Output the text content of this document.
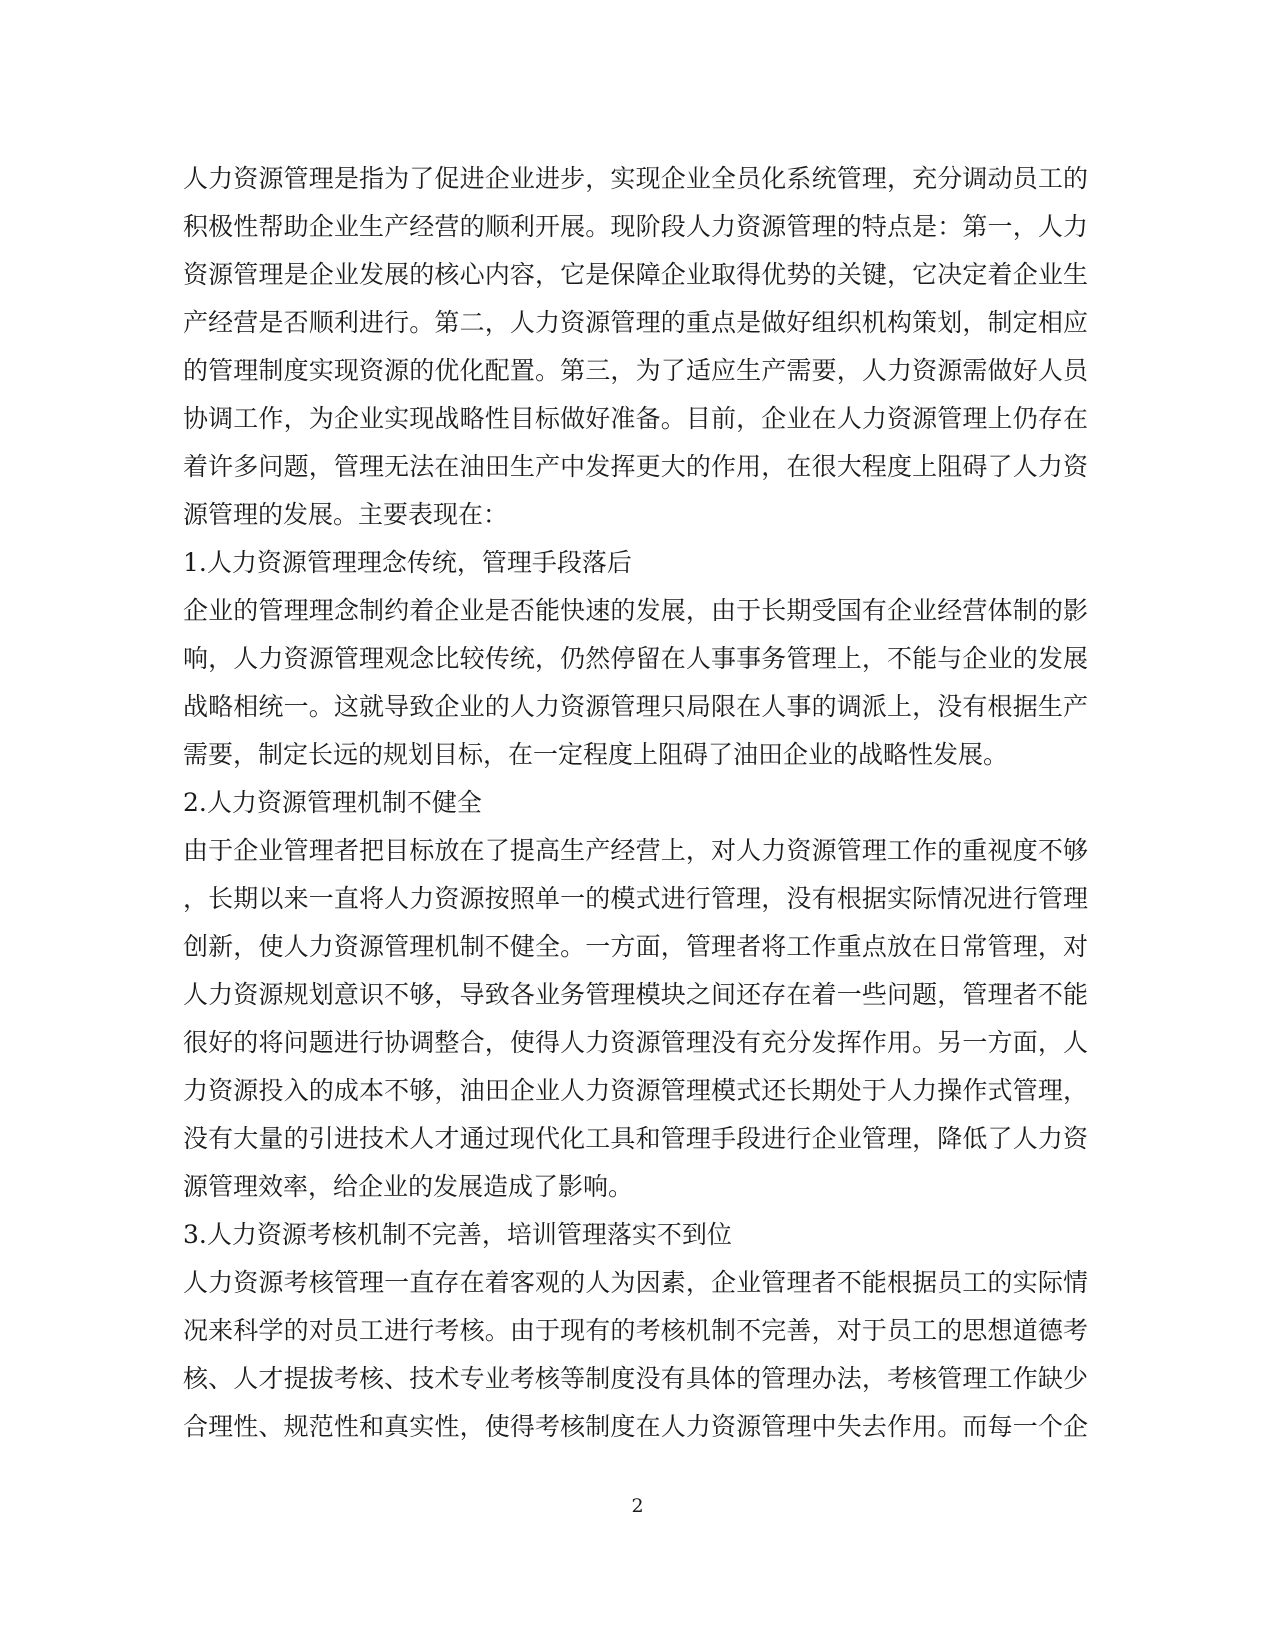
人力资源管理是指为了促进企业进步，实现企业全员化系统管理，充分调动员工的
积极性帮助企业生产经营的顺利开展。现阶段人力资源管理的特点是：第一，人力
资源管理是企业发展的核心内容，它是保障企业取得优势的关键，它决定着企业生
产经营是否顺利进行。第二，人力资源管理的重点是做好组织机构策划，制定相应
的管理制度实现资源的优化配置。第三，为了适应生产需要，人力资源需做好人员
协调工作，为企业实现战略性目标做好准备。目前，企业在人力资源管理上仍存在
着许多问题，管理无法在油田生产中发挥更大的作用，在很大程度上阻碍了人力资
源管理的发展。主要表现在：
1.人力资源管理理念传统，管理手段落后
企业的管理理念制约着企业是否能快速的发展，由于长期受国有企业经营体制的影
响，人力资源管理观念比较传统，仍然停留在人事事务管理上，不能与企业的发展
战略相统一。这就导致企业的人力资源管理只局限在人事的调派上，没有根据生产
需要，制定长远的规划目标，在一定程度上阻碍了油田企业的战略性发展。
2.人力资源管理机制不健全
由于企业管理者把目标放在了提高生产经营上，对人力资源管理工作的重视度不够
，长期以来一直将人力资源按照单一的模式进行管理，没有根据实际情况进行管理
创新，使人力资源管理机制不健全。一方面，管理者将工作重点放在日常管理，对
人力资源规划意识不够，导致各业务管理模块之间还存在着一些问题，管理者不能
很好的将问题进行协调整合，使得人力资源管理没有充分发挥作用。另一方面，人
力资源投入的成本不够，油田企业人力资源管理模式还长期处于人力操作式管理，
没有大量的引进技术人才通过现代化工具和管理手段进行企业管理，降低了人力资
源管理效率，给企业的发展造成了影响。
3.人力资源考核机制不完善，培训管理落实不到位
人力资源考核管理一直存在着客观的人为因素，企业管理者不能根据员工的实际情
况来科学的对员工进行考核。由于现有的考核机制不完善，对于员工的思想道德考
核、人才提拔考核、技术专业考核等制度没有具体的管理办法，考核管理工作缺少
合理性、规范性和真实性，使得考核制度在人力资源管理中失去作用。而每一个企
2
